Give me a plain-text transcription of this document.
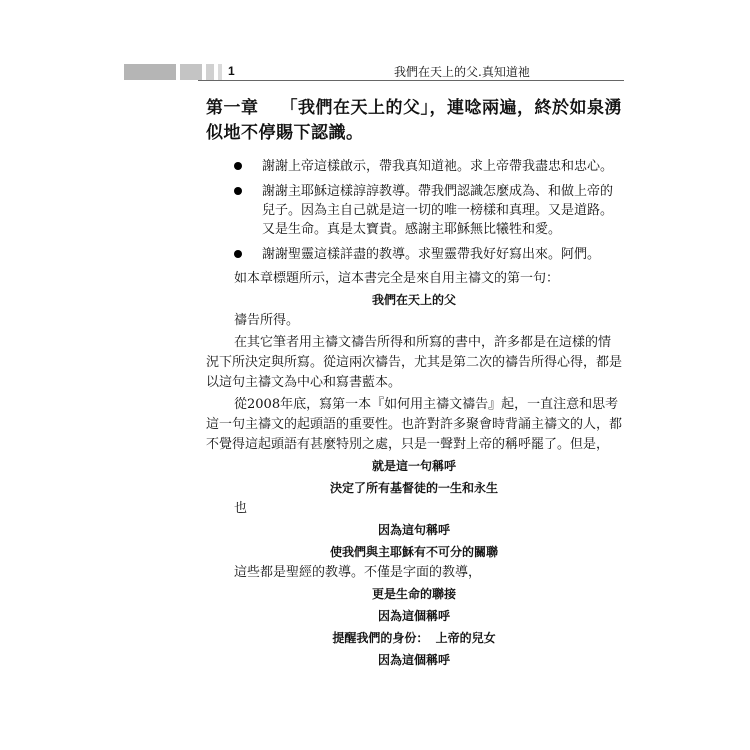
1	我們在天上的父.真知道祂
第一章 「我們在天上的父」，連唸兩遍，終於如泉湧似地不停賜下認識。
謝謝上帝這樣啟示，帶我真知道祂。求上帝帶我盡忠和忠心。
謝謝主耶穌這樣諄諄教導。帶我們認識怎麼成為、和做上帝的兒子。因為主自己就是這一切的唯一榜樣和真理。又是道路。又是生命。真是太寶貴。感謝主耶穌無比犧牲和愛。
謝謝聖靈這樣詳盡的教導。求聖靈帶我好好寫出來。阿們。

如本章標題所示，這本書完全是來自用主禱文的第一句：

我們在天上的父

禱告所得。

在其它筆者用主禱文禱告所得和所寫的書中，許多都是在這樣的情況下所決定與所寫。從這兩次禱告，尤其是第二次的禱告所得心得，都是以這句主禱文為中心和寫書藍本。

從2008年底，寫第一本『如何用主禱文禱告』起，一直注意和思考這一句主禱文的起頭語的重要性。也許對許多聚會時背誦主禱文的人，都不覺得這起頭語有甚麼特別之處，只是一聲對上帝的稱呼罷了。但是，

就是這一句稱呼

決定了所有基督徒的一生和永生

也

因為這句稱呼

使我們與主耶穌有不可分的關聯

這些都是聖經的教導。不僅是字面的教導，

更是生命的聯接

因為這個稱呼

提醒我們的身份： 上帝的兒女

因為這個稱呼
